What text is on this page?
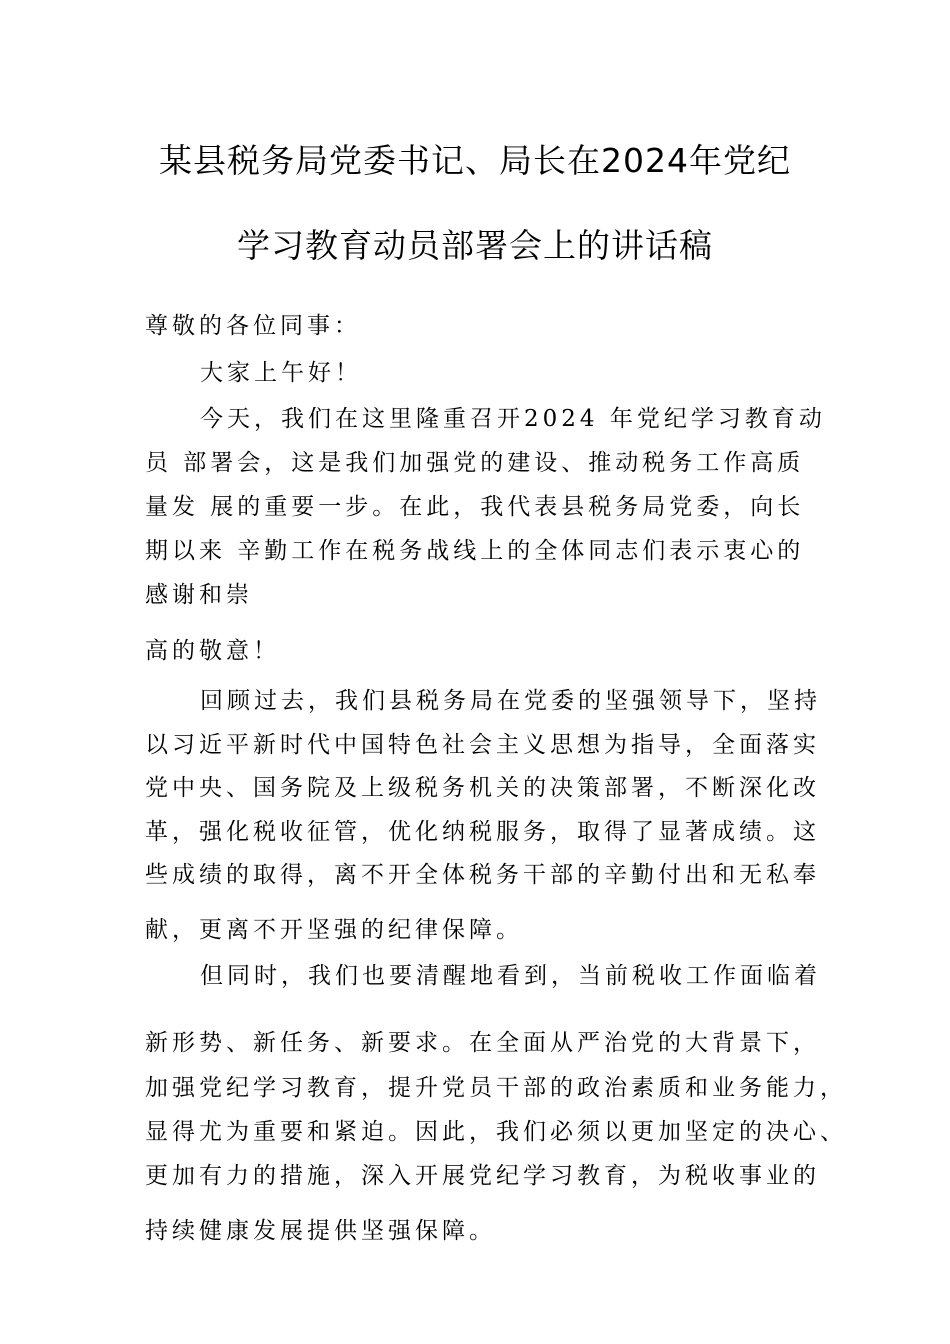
某县税务局党委书记、局长在2024年党纪
学习教育动员部署会上的讲话稿
尊敬的各位同事：
大家上午好！
今天，我们在这里隆重召开2024 年党纪学习教育动
员 部署会，这是我们加强党的建设、推动税务工作高质
量发 展的重要一步。在此，我代表县税务局党委，向长
期以来 辛勤工作在税务战线上的全体同志们表示衷心的
感谢和崇
高的敬意！
回顾过去，我们县税务局在党委的坚强领导下，坚持
以习近平新时代中国特色社会主义思想为指导，全面落实
党中央、国务院及上级税务机关的决策部署，不断深化改
革，强化税收征管，优化纳税服务，取得了显著成绩。这
些成绩的取得，离不开全体税务干部的辛勤付出和无私奉
献，更离不开坚强的纪律保障。
但同时，我们也要清醒地看到，当前税收工作面临着
新形势、新任务、新要求。在全面从严治党的大背景下，
加强党纪学习教育，提升党员干部的政治素质和业务能力，
显得尤为重要和紧迫。因此，我们必须以更加坚定的决心、
更加有力的措施，深入开展党纪学习教育，为税收事业的
持续健康发展提供坚强保障。
